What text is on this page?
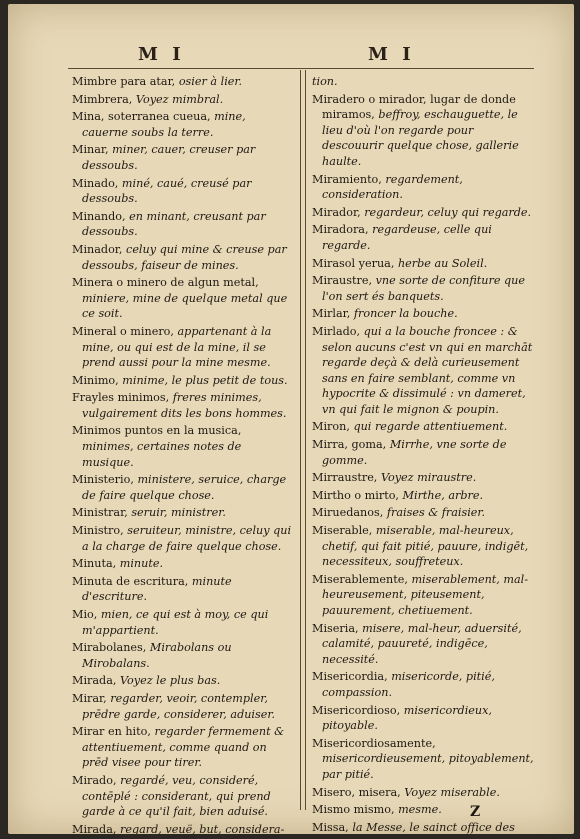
M I	M I
Mimbre para atar, osier à lier.
Mimbrera, Voyez mimbral.
Mina, soterranea cueua, mine, cauerne soubs la terre.
Minar, miner, cauer, creuser par dessoubs.
Minado, miné, caué, creusé par dessoubs.
Minando, en minant, creusant par dessoubs.
Minador, celuy qui mine & creuse par dessoubs, faiseur de mines.
Minera o minero de algun metal, miniere, mine de quelque metal que ce soit.
Mineral o minero, appartenant à la mine, ou qui est de la mine, il se prend aussi pour la mine mesme.
Minimo, minime, le plus petit de tous.
Frayles minimos, freres minimes, vulgairement dits les bons hommes.
Minimos puntos en la musica, minimes, certaines notes de musique.
Ministerio, ministere, seruice, charge de faire quelque chose.
Ministrar, seruir, ministrer.
Ministro, seruiteur, ministre, celuy qui a la charge de faire quelque chose.
Minuta, minute.
Minuta de escritura, minute d'escriture.
Mio, mien, ce qui est à moy, ce qui m'appartient.
Mirabolanes, Mirabolans ou Mirobalans.
Mirada, Voyez le plus bas.
Mirar, regarder, veoir, contempler, prēdre garde, considerer, aduiser.
Mirar en hito, regarder fermement & attentiuement, comme quand on prēd visee pour tirer.
Mirado, regardé, veu, consideré, contēplé : considerant, qui prend garde à ce qu'il fait, bien aduisé.
Mirada, regard, veuë, but, considera-
tion.
Miradero o mirador, lugar de donde miramos, beffroy, eschauguette, le lieu d'où l'on regarde pour descouurir quelque chose, gallerie haulte.
Miramiento, regardement, consideration.
Mirador, regardeur, celuy qui regarde.
Miradora, regardeuse, celle qui regarde.
Mirasol yerua, herbe au Soleil.
Miraustre, vne sorte de confiture que l'on sert és banquets.
Mirlar, froncer la bouche.
Mirlado, qui a la bouche froncee : & selon aucuns c'est vn qui en marchāt regarde deçà & delà curieusement sans en faire semblant, comme vn hypocrite & dissimulé : vn dameret, vn qui fait le mignon & poupin.
Miron, qui regarde attentiuement.
Mirra, goma, Mirrhe, vne sorte de gomme.
Mirraustre, Voyez miraustre.
Mirtho o mirto, Mirthe, arbre.
Miruedanos, fraises & fraisier.
Miserable, miserable, mal-heureux, chetif, qui fait pitié, pauure, indigēt, necessiteux, souffreteux.
Miserablemente, miserablement, mal-heureusement, piteusement, pauurement, chetiuement.
Miseria, misere, mal-heur, aduersité, calamité, pauureté, indigēce, necessité.
Misericordia, misericorde, pitié, compassion.
Misericordioso, misericordieux, pitoyable.
Misericordiosamente, misericordieusement, pitoyablement, par pitié.
Misero, misera, Voyez miserable.
Mismo mismo, mesme.
Missa, la Messe, le sainct office des
Z
